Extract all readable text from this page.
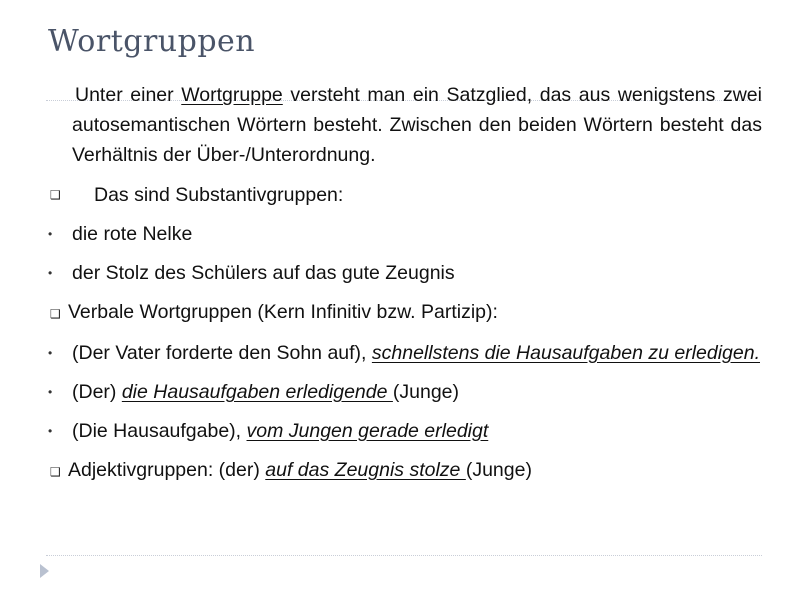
Wortgruppen
Unter einer Wortgruppe versteht man ein Satzglied, das aus wenigstens zwei autosemantischen Wörtern besteht. Zwischen den beiden Wörtern besteht das Verhältnis der Über-/Unterordnung.
❑	Das sind Substantivgruppen:
•	die rote Nelke
•	der Stolz des Schülers auf das gute Zeugnis
❑ Verbale Wortgruppen (Kern Infinitiv bzw. Partizip):
•	(Der Vater forderte den Sohn auf), schnellstens die Hausaufgaben zu erledigen.
•	(Der) die Hausaufgaben erledigende (Junge)
•	(Die Hausaufgabe), vom Jungen gerade erledigt
❑ Adjektivgruppen: (der) auf das Zeugnis stolze (Junge)
